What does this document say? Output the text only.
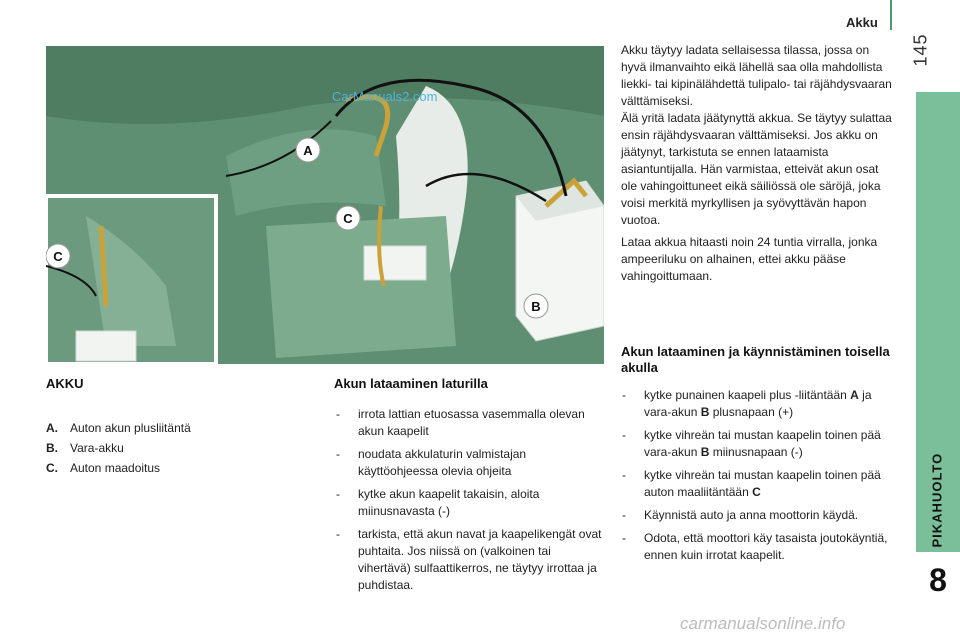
Akku
145
PIKAHUOLTO
8
A
C
B
C
CarManuals2.com
AKKU
A. Auton akun plusliitäntä
B. Vara-akku
C. Auton maadoitus
Akun lataaminen laturilla
- irrota lattian etuosassa vasemmalla olevan akun kaapelit
- noudata akkulaturin valmistajan käyttöohjeessa olevia ohjeita
- kytke akun kaapelit takaisin, aloita miinusnavasta (-)
- tarkista, että akun navat ja kaapelikengät ovat puhtaita. Jos niissä on (valkoinen tai vihertävä) sulfaattikerros, ne täytyy irrottaa ja puhdistaa.
Akku täytyy ladata sellaisessa tilassa, jossa on hyvä ilmanvaihto eikä lähellä saa olla mahdollista liekki- tai kipinälähdettä tulipalo- tai räjähdysvaaran välttämiseksi.
Älä yritä ladata jäätynyttä akkua. Se täytyy sulattaa ensin räjähdysvaaran välttämiseksi. Jos akku on jäätynyt, tarkistuta se ennen lataamista asiantuntijalla. Hän varmistaa, etteivät akun osat ole vahingoittuneet eikä säiliössä ole säröjä, joka voisi merkitä myrkyllisen ja syövyttävän hapon vuotoa.
Lataa akkua hitaasti noin 24 tuntia virralla, jonka ampeeriluku on alhainen, ettei akku pääse vahingoittumaan.
Akun lataaminen ja käynnistäminen toisella akulla
- kytke punainen kaapeli plus -liitäntään A ja vara-akun B plusnapaan (+)
- kytke vihreän tai mustan kaapelin toinen pää vara-akun B miinusnapaan (-)
- kytke vihreän tai mustan kaapelin toinen pää auton maaliitäntään C
- Käynnistä auto ja anna moottorin käydä.
- Odota, että moottori käy tasaista joutokäyntiä, ennen kuin irrotat kaapelit.
carmanualsonline.info
